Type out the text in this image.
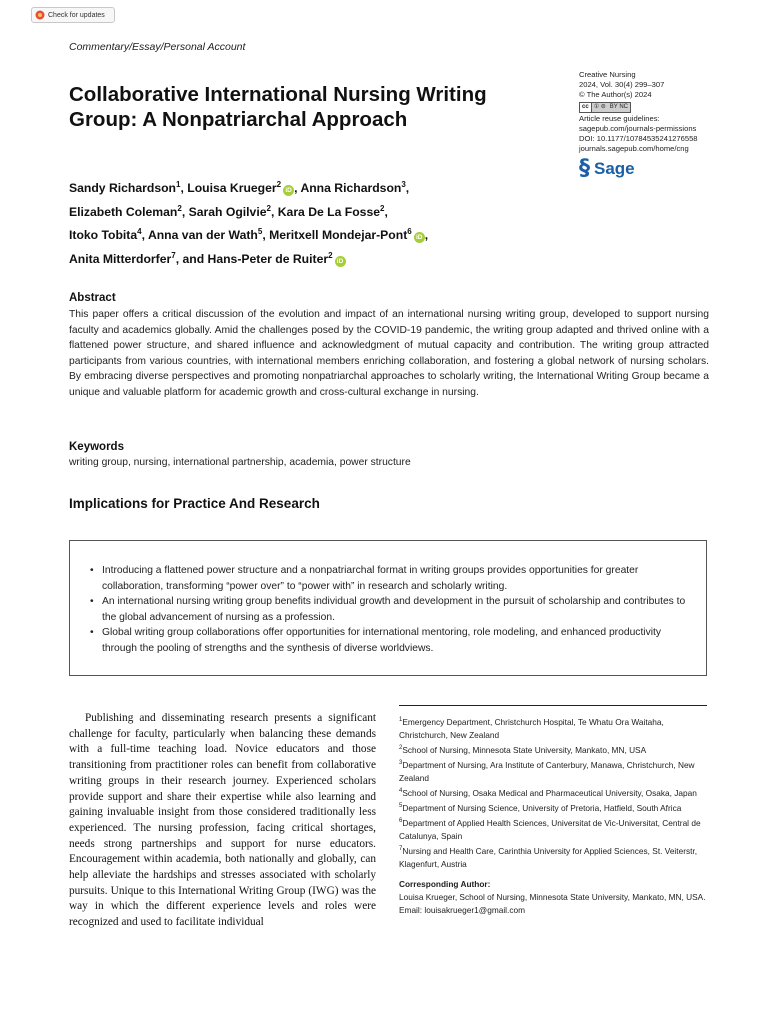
Check for updates
Commentary/Essay/Personal Account
Collaborative International Nursing Writing Group: A Nonpatriarchal Approach
Creative Nursing
2024, Vol. 30(4) 299–307
© The Author(s) 2024
cc ① ⊜ BY NC
Article reuse guidelines:
sagepub.com/journals-permissions
DOI: 10.1177/10784535241276558
journals.sagepub.com/home/cng
§ Sage
Sandy Richardson$^1$, Louisa Krueger$^2$iD , Anna Richardson$^3$,
Elizabeth Coleman$^2$, Sarah Ogilvie$^2$, Kara De La Fosse$^2$,
Itoko Tobita$^4$, Anna van der Wath$^5$, Meritxell Mondejar-Pont$^6$iD ,
Anita Mitterdorfer$^7$, and Hans-Peter de Ruiter$^2$iD
Abstract
This paper offers a critical discussion of the evolution and impact of an international nursing writing group, developed to support nursing faculty and academics globally. Amid the challenges posed by the COVID-19 pandemic, the writing group adapted and thrived online with a flattened power structure, and shared influence and acknowledgment of mutual capacity and contribution. The writing group attracted participants from various countries, with international members enriching collaboration, and fostering a global network of nursing scholars. By embracing diverse perspectives and promoting nonpatriarchal approaches to scholarly writing, the International Writing Group became a unique and valuable platform for academic growth and cross-cultural exchange in nursing.
Keywords
writing group, nursing, international partnership, academia, power structure
Implications for Practice And Research
• Introducing a flattened power structure and a nonpatriarchal format in writing groups provides opportunities for greater collaboration, transforming “power over” to “power with” in research and scholarly writing.
• An international nursing writing group benefits individual growth and development in the pursuit of scholarship and contributes to the global advancement of nursing as a profession.
• Global writing group collaborations offer opportunities for international mentoring, role modeling, and enhanced productivity through the pooling of strengths and the synthesis of diverse worldviews.
Publishing and disseminating research presents a significant challenge for faculty, particularly when balancing these demands with a full-time teaching load. Novice educators and those transitioning from practitioner roles can benefit from collaborative writing groups in their research journey. Experienced scholars provide support and share their expertise while also learning and gaining invaluable insight from those considered traditionally less experienced. The nursing profession, facing critical shortages, needs strong partnerships and support for nurse educators. Encouragement within academia, both nationally and globally, can help alleviate the hardships and stresses associated with scholarly pursuits. Unique to this International Writing Group (IWG) was the way in which the different experience levels and roles were recognized and used to facilitate individual
$^1$Emergency Department, Christchurch Hospital, Te Whatu Ora Waitaha, Christchurch, New Zealand
$^2$School of Nursing, Minnesota State University, Mankato, MN, USA
$^3$Department of Nursing, Ara Institute of Canterbury, Manawa, Christchurch, New Zealand
$^4$School of Nursing, Osaka Medical and Pharmaceutical University, Osaka, Japan
$^5$Department of Nursing Science, University of Pretoria, Hatfield, South Africa
$^6$Department of Applied Health Sciences, Universitat de Vic-Universitat, Central de Catalunya, Spain
$^7$Nursing and Health Care, Carinthia University for Applied Sciences, St. Veiterstr, Klagenfurt, Austria
Corresponding Author:
Louisa Krueger, School of Nursing, Minnesota State University, Mankato, MN, USA.
Email: louisakrueger1@gmail.com
